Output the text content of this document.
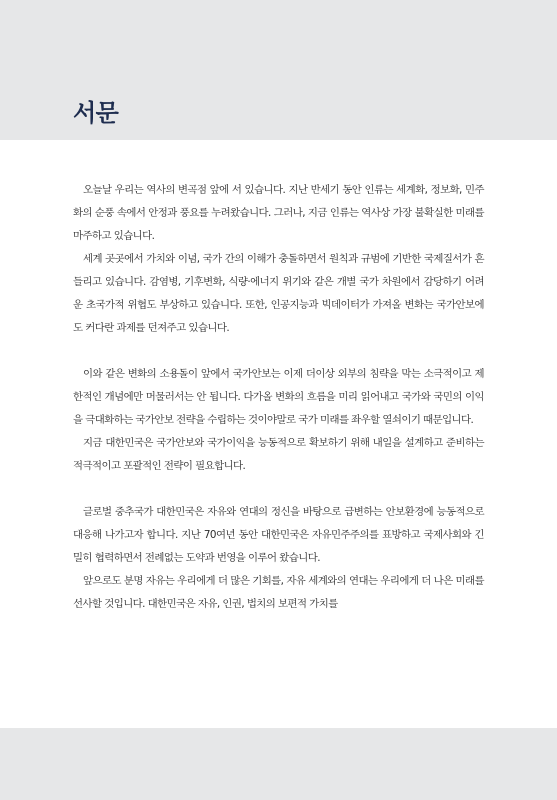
서문

오늘날 우리는 역사의 변곡점 앞에 서 있습니다. 지난 반세기 동안 인류는 세계화, 정보화, 민주화의 순풍 속에서 안정과 풍요를 누려왔습니다. 그러나, 지금 인류는 역사상 가장 불확실한 미래를 마주하고 있습니다.

세계 곳곳에서 가치와 이념, 국가 간의 이해가 충돌하면서 원칙과 규범에 기반한 국제질서가 흔들리고 있습니다. 감염병, 기후변화, 식량·에너지 위기와 같은 개별 국가 차원에서 감당하기 어려운 초국가적 위협도 부상하고 있습니다. 또한, 인공지능과 빅데이터가 가져올 변화는 국가안보에도 커다란 과제를 던져주고 있습니다.

이와 같은 변화의 소용돌이 앞에서 국가안보는 이제 더이상 외부의 침략을 막는 소극적이고 제한적인 개념에만 머물러서는 안 됩니다. 다가올 변화의 흐름을 미리 읽어내고 국가와 국민의 이익을 극대화하는 국가안보 전략을 수립하는 것이야말로 국가 미래를 좌우할 열쇠이기 때문입니다.

지금 대한민국은 국가안보와 국가이익을 능동적으로 확보하기 위해 내일을 설계하고 준비하는 적극적이고 포괄적인 전략이 필요합니다.

글로벌 중추국가 대한민국은 자유와 연대의 정신을 바탕으로 급변하는 안보환경에 능동적으로 대응해 나가고자 합니다. 지난 70여년 동안 대한민국은 자유민주주의를 표방하고 국제사회와 긴밀히 협력하면서 전례없는 도약과 번영을 이루어 왔습니다.

앞으로도 분명 자유는 우리에게 더 많은 기회를, 자유 세계와의 연대는 우리에게 더 나은 미래를 선사할 것입니다. 대한민국은 자유, 인권, 법치의 보편적 가치를
